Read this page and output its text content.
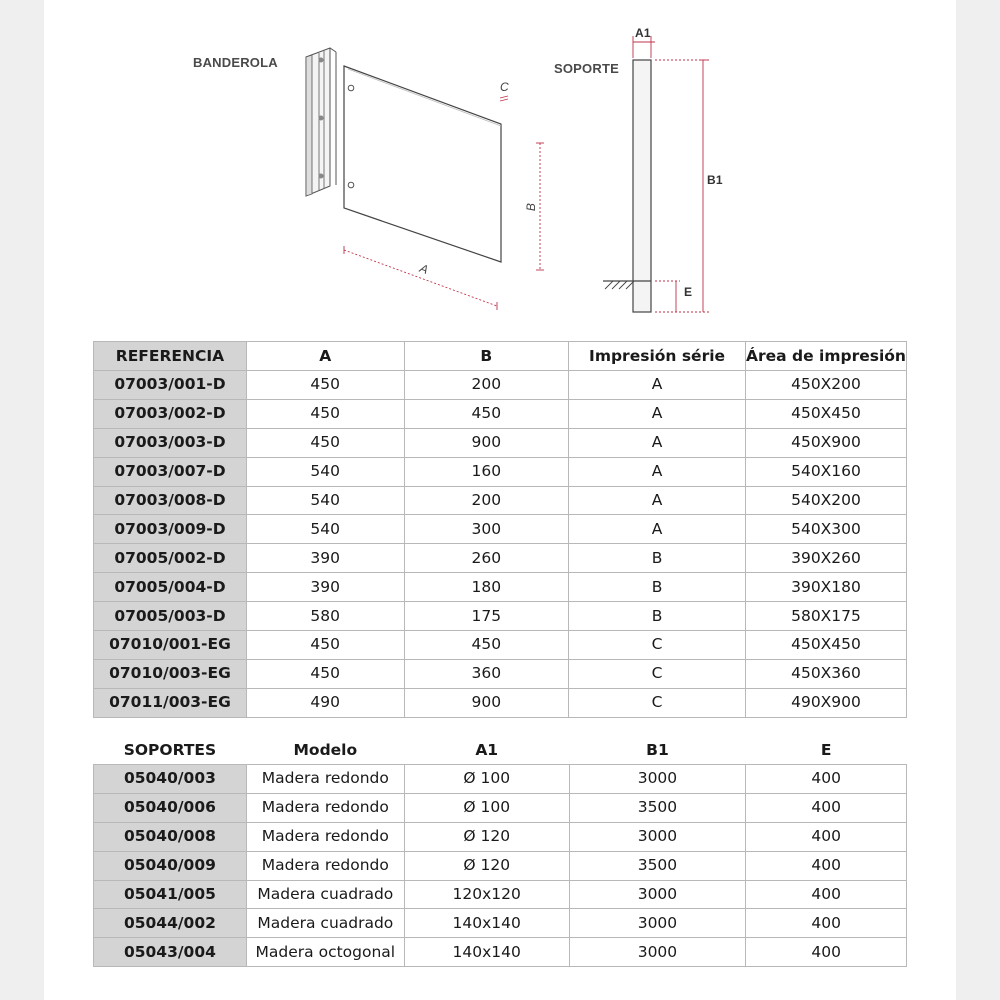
BANDEROLA	SOPORTE
A
B
C
A1
B1
E
REFERENCIA	A	B	Impresión série	Área de impresión
07003/001-D	450	200	A	450X200
07003/002-D	450	450	A	450X450
07003/003-D	450	900	A	450X900
07003/007-D	540	160	A	540X160
07003/008-D	540	200	A	540X200
07003/009-D	540	300	A	540X300
07005/002-D	390	260	B	390X260
07005/004-D	390	180	B	390X180
07005/003-D	580	175	B	580X175
07010/001-EG	450	450	C	450X450
07010/003-EG	450	360	C	450X360
07011/003-EG	490	900	C	490X900
SOPORTES	Modelo	A1	B1	E
05040/003	Madera redondo	Ø 100	3000	400
05040/006	Madera redondo	Ø 100	3500	400
05040/008	Madera redondo	Ø 120	3000	400
05040/009	Madera redondo	Ø 120	3500	400
05041/005	Madera cuadrado	120x120	3000	400
05044/002	Madera cuadrado	140x140	3000	400
05043/004	Madera octogonal	140x140	3000	400
